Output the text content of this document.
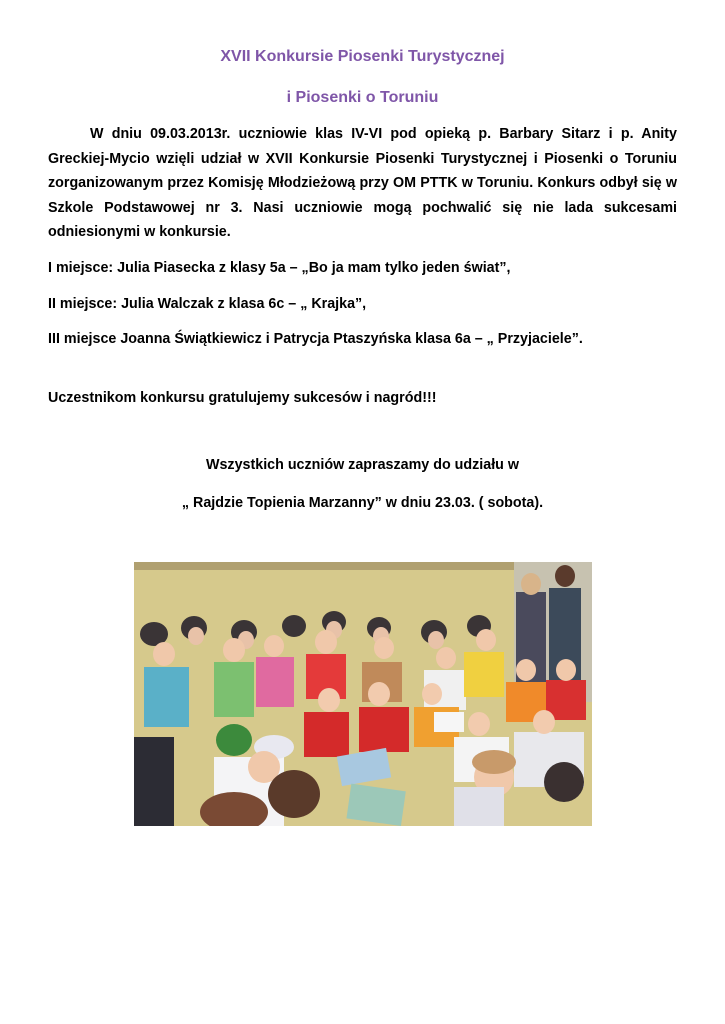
XVII Konkursie Piosenki Turystycznej
i Piosenki o Toruniu
W dniu 09.03.2013r. uczniowie klas IV-VI pod opieką p. Barbary Sitarz i p. Anity Greckiej-Mycio wzięli udział w XVII Konkursie Piosenki Turystycznej i Piosenki o Toruniu zorganizowanym przez Komisję Młodzieżową przy OM PTTK w Toruniu. Konkurs odbył się w Szkole Podstawowej nr 3. Nasi uczniowie mogą pochwalić się nie lada sukcesami odniesionymi w konkursie.
I miejsce: Julia Piasecka z klasy 5a – „Bo ja mam tylko jeden świat”,
II miejsce: Julia Walczak z klasa 6c – „ Krajka”,
III miejsce Joanna Świątkiewicz i Patrycja Ptaszyńska klasa 6a – „ Przyjaciele”.
Uczestnikom konkursu gratulujemy sukcesów i nagród!!!
Wszystkich uczniów zapraszamy do udziału w
„ Rajdzie Topienia Marzanny” w dniu 23.03. ( sobota).
